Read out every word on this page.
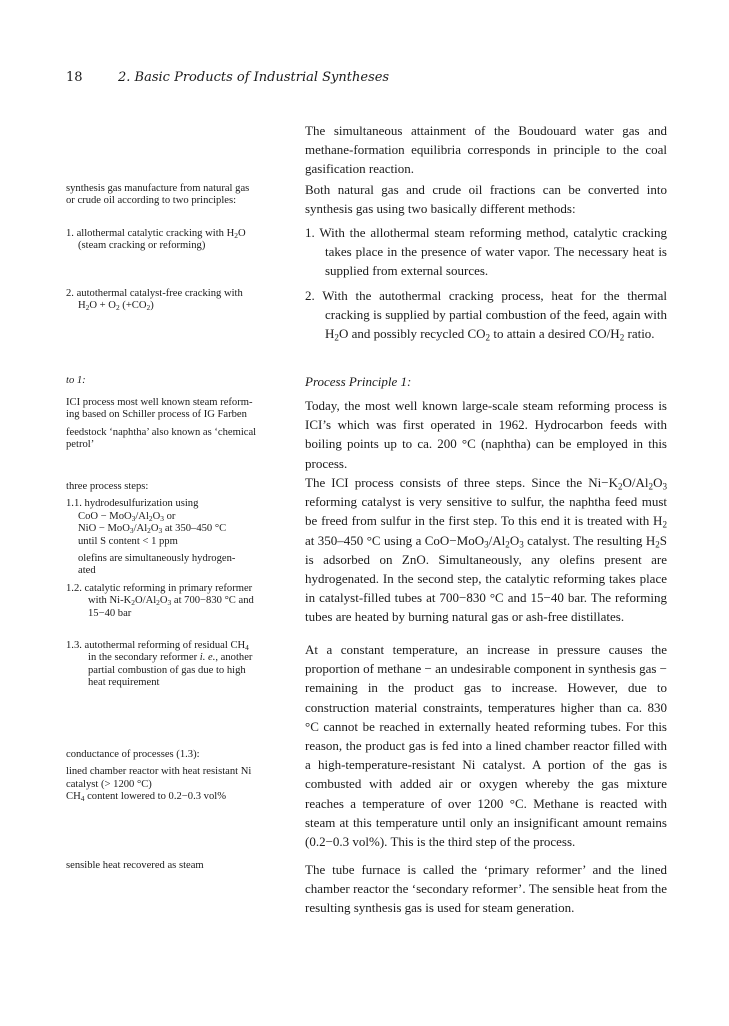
18	2. Basic Products of Industrial Syntheses

synthesis gas manufacture from natural gas

or crude oil according to two principles:

1. allothermal catalytic cracking with $H_2O$

(steam cracking or reforming)

2. autothermal catalyst-free cracking with

$H_2O + O_2$ $(+CO_2)$

to 1:

ICI process most well known steam reform-

ing based on Schiller process of IG Farben

feedstock ‘naphtha’ also known as ‘chemical

petrol’

three process steps:

1.1. hydrodesulfurization using

CoO − $MoO_3/Al_2O_3$ or

NiO − $MoO_3/Al_2O_3$ at 350–450 °C

until S content < 1 ppm

olefins are simultaneously hydrogen-

ated

1.2. catalytic reforming in primary reformer

with $Ni-K_2O/Al_2O_3$ at 700−830 °C and

15−40 bar

1.3. autothermal reforming of residual $CH_4$

in the secondary reformer i. e., another

partial combustion of gas due to high

heat requirement

conductance of processes (1.3):

lined chamber reactor with heat resistant Ni

catalyst (> 1200 °C)

$CH_4$ content lowered to 0.2−0.3 vol%

sensible heat recovered as steam

The simultaneous attainment of the Boudouard water gas and methane-formation equilibria corresponds in principle to the coal gasification reaction.

Both natural gas and crude oil fractions can be converted into synthesis gas using two basically different methods:

1. With the allothermal steam reforming method, catalytic cracking takes place in the presence of water vapor. The necessary heat is supplied from external sources.

2. With the autothermal cracking process, heat for the thermal cracking is supplied by partial combustion of the feed, again with $H_2O$ and possibly recycled $CO_2$ to attain a desired $CO/H_2$ ratio.

Process Principle 1:

Today, the most well known large-scale steam reforming process is ICI’s which was first operated in 1962. Hydrocarbon feeds with boiling points up to ca. 200 °C (naphtha) can be employed in this process.

The ICI process consists of three steps. Since the $Ni-K_2O/Al_2O_3$ reforming catalyst is very sensitive to sulfur, the naphtha feed must be freed from sulfur in the first step. To this end it is treated with $H_2$ at 350–450 °C using a $CoO-MoO_3/Al_2O_3$ catalyst. The resulting $H_2S$ is adsorbed on ZnO. Simultaneously, any olefins present are hydrogenated. In the second step, the catalytic reforming takes place in catalyst-filled tubes at 700−830 °C and 15−40 bar. The reforming tubes are heated by burning natural gas or ash-free distillates.

At a constant temperature, an increase in pressure causes the proportion of methane − an undesirable component in synthesis gas − remaining in the product gas to increase. However, due to construction material constraints, temperatures higher than ca. 830 °C cannot be reached in externally heated reforming tubes. For this reason, the product gas is fed into a lined chamber reactor filled with a high-temperature-resistant Ni catalyst. A portion of the gas is combusted with added air or oxygen whereby the gas mixture reaches a temperature of over 1200 °C. Methane is reacted with steam at this temperature until only an insignificant amount remains (0.2−0.3 vol%). This is the third step of the process.

The tube furnace is called the ‘primary reformer’ and the lined chamber reactor the ‘secondary reformer’. The sensible heat from the resulting synthesis gas is used for steam generation.
